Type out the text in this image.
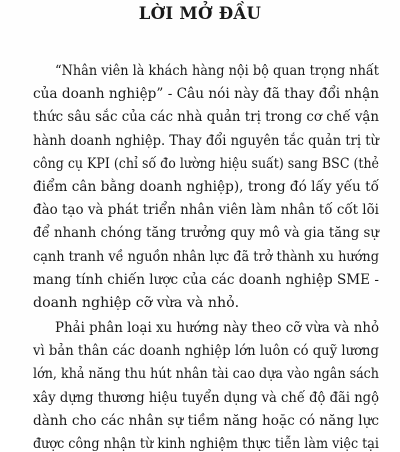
LỜI MỞ ĐẦU

“Nhân viên là khách hàng nội bộ quan trọng nhất

của doanh nghiệp” - Câu nói này đã thay đổi nhận

thức sâu sắc của các nhà quản trị trong cơ chế vận

hành doanh nghiệp. Thay đổi nguyên tắc quản trị từ

công cụ KPI (chỉ số đo lường hiệu suất) sang BSC (thẻ

điểm cân bằng doanh nghiệp), trong đó lấy yếu tố

đào tạo và phát triển nhân viên làm nhân tố cốt lõi

để nhanh chóng tăng trưởng quy mô và gia tăng sự

cạnh tranh về nguồn nhân lực đã trở thành xu hướng

mang tính chiến lược của các doanh nghiệp SME -

doanh nghiệp cỡ vừa và nhỏ.

Phải phân loại xu hướng này theo cỡ vừa và nhỏ

vì bản thân các doanh nghiệp lớn luôn có quỹ lương

lớn, khả năng thu hút nhân tài cao dựa vào ngân sách

xây dựng thương hiệu tuyển dụng và chế độ đãi ngộ

dành cho các nhân sự tiềm năng hoặc có năng lực

được công nhận từ kinh nghiệm thực tiễn làm việc tại
